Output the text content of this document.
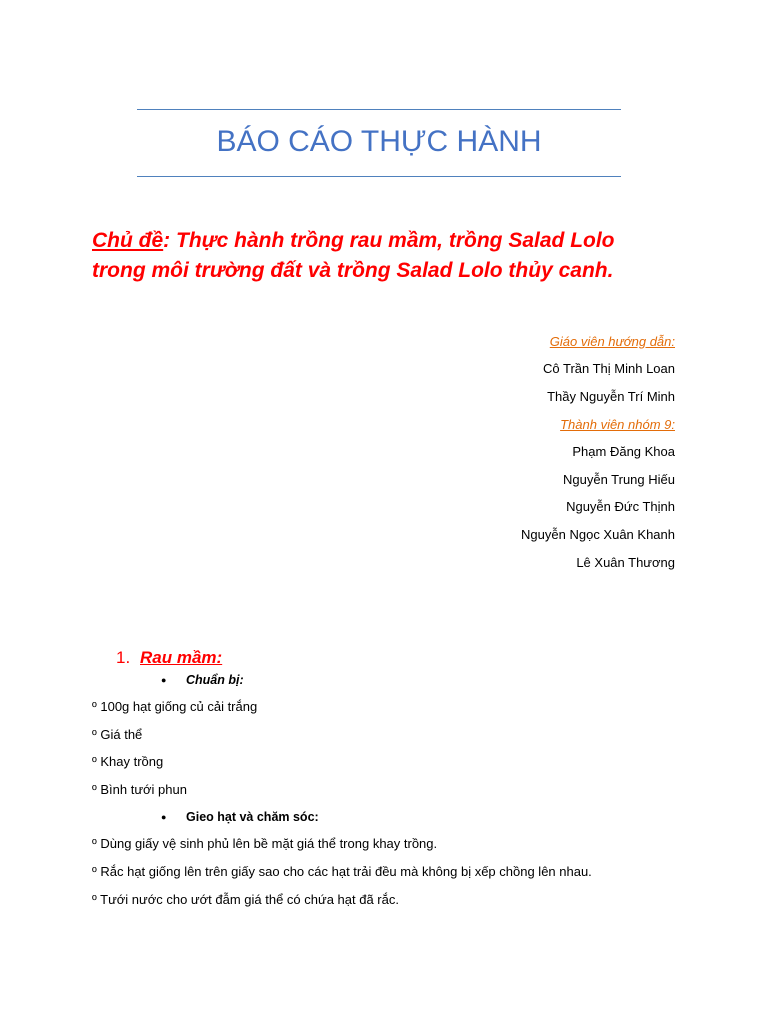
BÁO CÁO THỰC HÀNH
Chủ đề: Thực hành trồng rau mầm, trồng Salad Lolo
trong môi trường đất và trồng Salad Lolo thủy canh.
Giáo viên hướng dẫn:
Cô Trần Thị Minh Loan
Thầy Nguyễn Trí Minh
Thành viên nhóm 9:
Phạm Đăng Khoa
Nguyễn Trung Hiếu
Nguyễn Đức Thịnh
Nguyễn Ngọc Xuân Khanh
Lê Xuân Thương
1. Rau mầm:
● Chuẩn bị:
º 100g hạt giống củ cải trắng
º Giá thể
º Khay trồng
º Bình tưới phun
● Gieo hạt và chăm sóc:
º Dùng giấy vệ sinh phủ lên bề mặt giá thể trong khay trồng.
º Rắc hạt giống lên trên giấy sao cho các hạt trải đều mà không bị xếp chồng lên nhau.
º Tưới nước cho ướt đẫm giá thể có chứa hạt đã rắc.
